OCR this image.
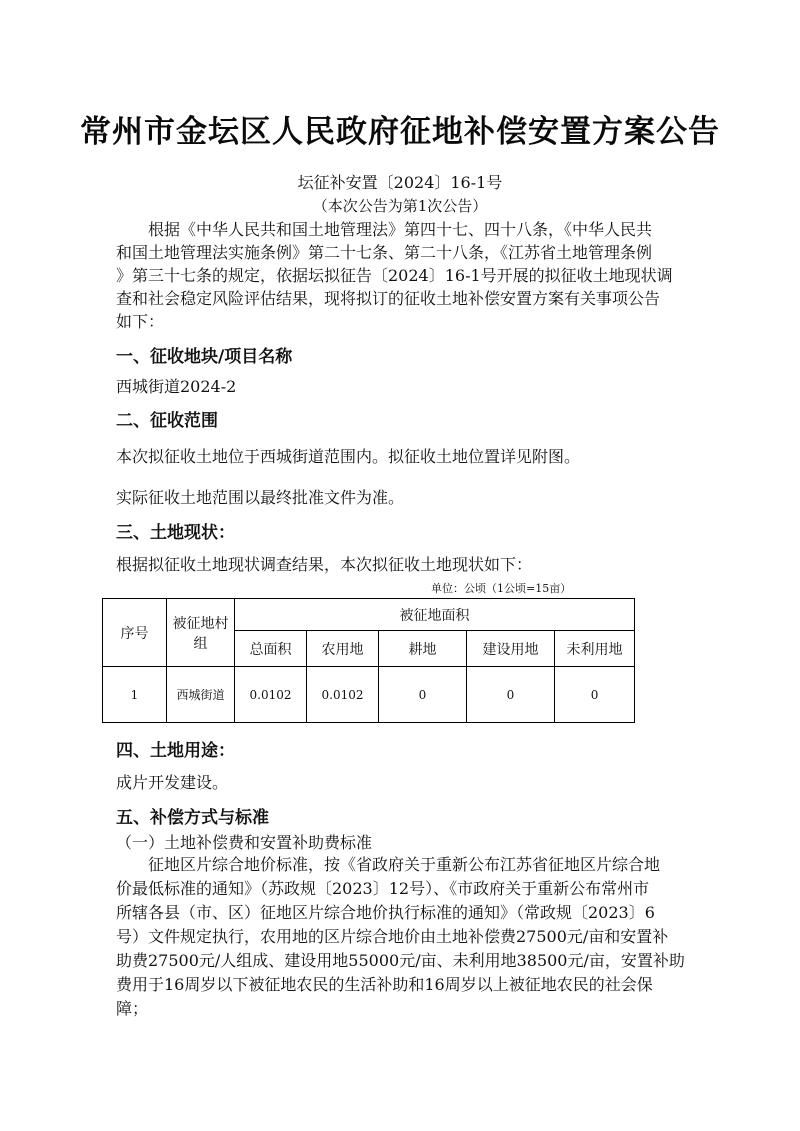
常州市金坛区人民政府征地补偿安置方案公告
坛征补安置〔2024〕16-1号
（本次公告为第1次公告）
根据《中华人民共和国土地管理法》第四十七、四十八条，《中华人民共
和国土地管理法实施条例》第二十七条、第二十八条，《江苏省土地管理条例
》第三十七条的规定，依据坛拟征告〔2024〕16-1号开展的拟征收土地现状调
查和社会稳定风险评估结果，现将拟订的征收土地补偿安置方案有关事项公告
如下：
一、征收地块/项目名称
西城街道2024-2
二、征收范围
本次拟征收土地位于西城街道范围内。拟征收土地位置详见附图。
实际征收土地范围以最终批准文件为准。
三、土地现状：
根据拟征收土地现状调查结果，本次拟征收土地现状如下：
单位：公顷（1公顷=15亩）
序号	被征地村组	被征地面积				
		总面积	农用地	耕地	建设用地	未利用地
1	西城街道	0.0102	0.0102	0	0	0
四、土地用途：
成片开发建设。
五、补偿方式与标准
（一）土地补偿费和安置补助费标准
征地区片综合地价标准，按《省政府关于重新公布江苏省征地区片综合地
价最低标准的通知》（苏政规〔2023〕12号）、《市政府关于重新公布常州市
所辖各县（市、区）征地区片综合地价执行标准的通知》（常政规〔2023〕6
号）文件规定执行，农用地的区片综合地价由土地补偿费27500元/亩和安置补
助费27500元/人组成、建设用地55000元/亩、未利用地38500元/亩，安置补助
费用于16周岁以下被征地农民的生活补助和16周岁以上被征地农民的社会保
障；
